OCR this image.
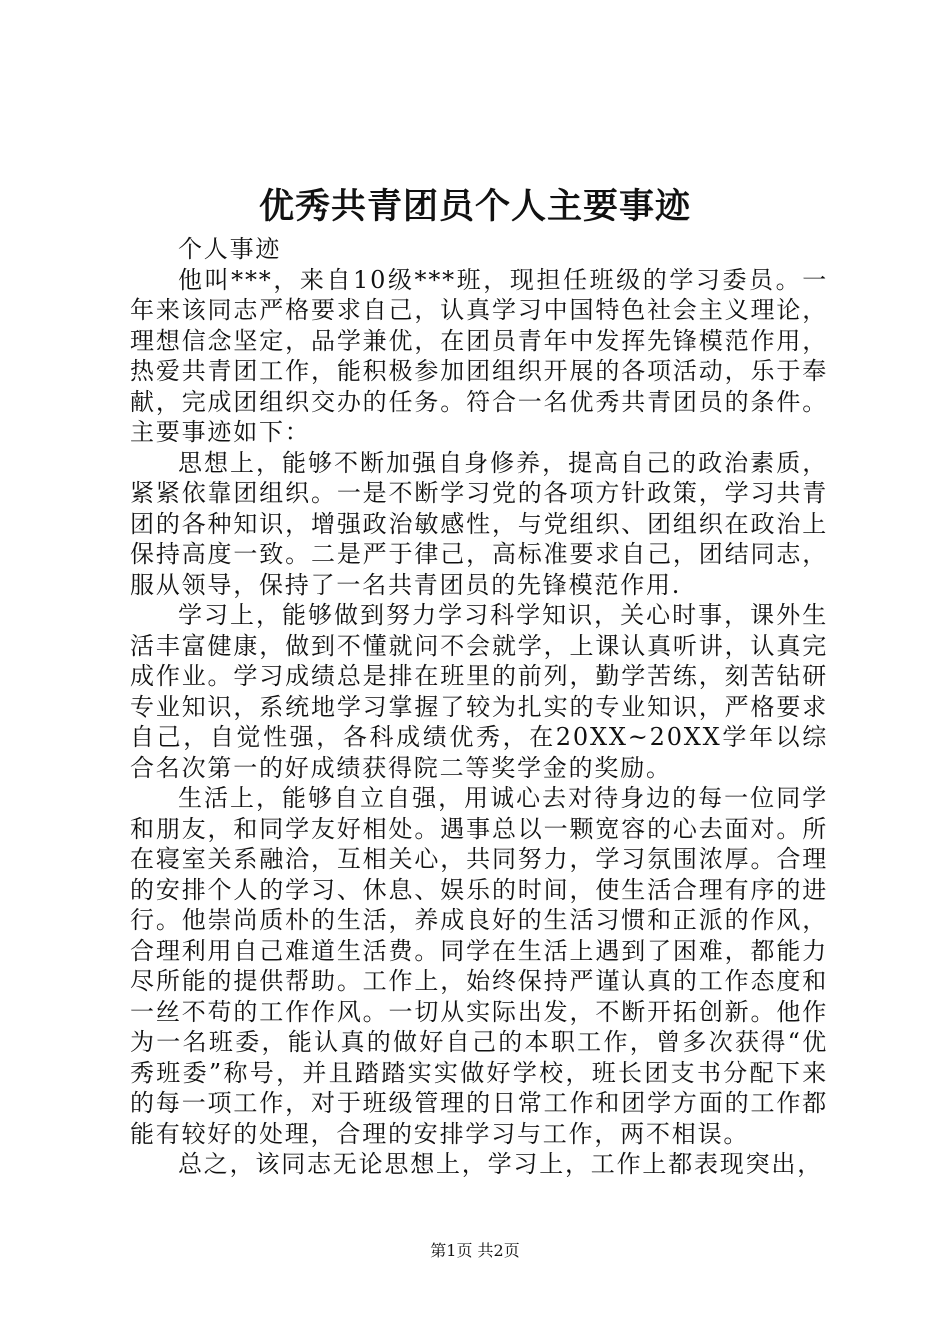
优秀共青团员个人主要事迹

个人事迹

他叫***，来自10级***班，现担任班级的学习委员。一年来该同志严格要求自己，认真学习中国特色社会主义理论，理想信念坚定，品学兼优，在团员青年中发挥先锋模范作用，热爱共青团工作，能积极参加团组织开展的各项活动，乐于奉献，完成团组织交办的任务。符合一名优秀共青团员的条件。主要事迹如下：

思想上，能够不断加强自身修养，提高自己的政治素质，紧紧依靠团组织。一是不断学习党的各项方针政策，学习共青团的各种知识，增强政治敏感性，与党组织、团组织在政治上保持高度一致。二是严于律己，高标准要求自己，团结同志，服从领导，保持了一名共青团员的先锋模范作用.

学习上，能够做到努力学习科学知识，关心时事，课外生活丰富健康，做到不懂就问不会就学，上课认真听讲，认真完成作业。学习成绩总是排在班里的前列，勤学苦练，刻苦钻研专业知识，系统地学习掌握了较为扎实的专业知识，严格要求自己，自觉性强，各科成绩优秀，在20XX~20XX学年以综合名次第一的好成绩获得院二等奖学金的奖励。

生活上，能够自立自强，用诚心去对待身边的每一位同学和朋友，和同学友好相处。遇事总以一颗宽容的心去面对。所在寝室关系融洽，互相关心，共同努力，学习氛围浓厚。合理的安排个人的学习、休息、娱乐的时间，使生活合理有序的进行。他崇尚质朴的生活，养成良好的生活习惯和正派的作风，合理利用自己难道生活费。同学在生活上遇到了困难，都能力尽所能的提供帮助。工作上，始终保持严谨认真的工作态度和一丝不苟的工作作风。一切从实际出发，不断开拓创新。他作为一名班委，能认真的做好自己的本职工作，曾多次获得“优秀班委”称号，并且踏踏实实做好学校，班长团支书分配下来的每一项工作，对于班级管理的日常工作和团学方面的工作都能有较好的处理，合理的安排学习与工作，两不相误。

总之，该同志无论思想上，学习上，工作上都表现突出，

第1页 共2页
